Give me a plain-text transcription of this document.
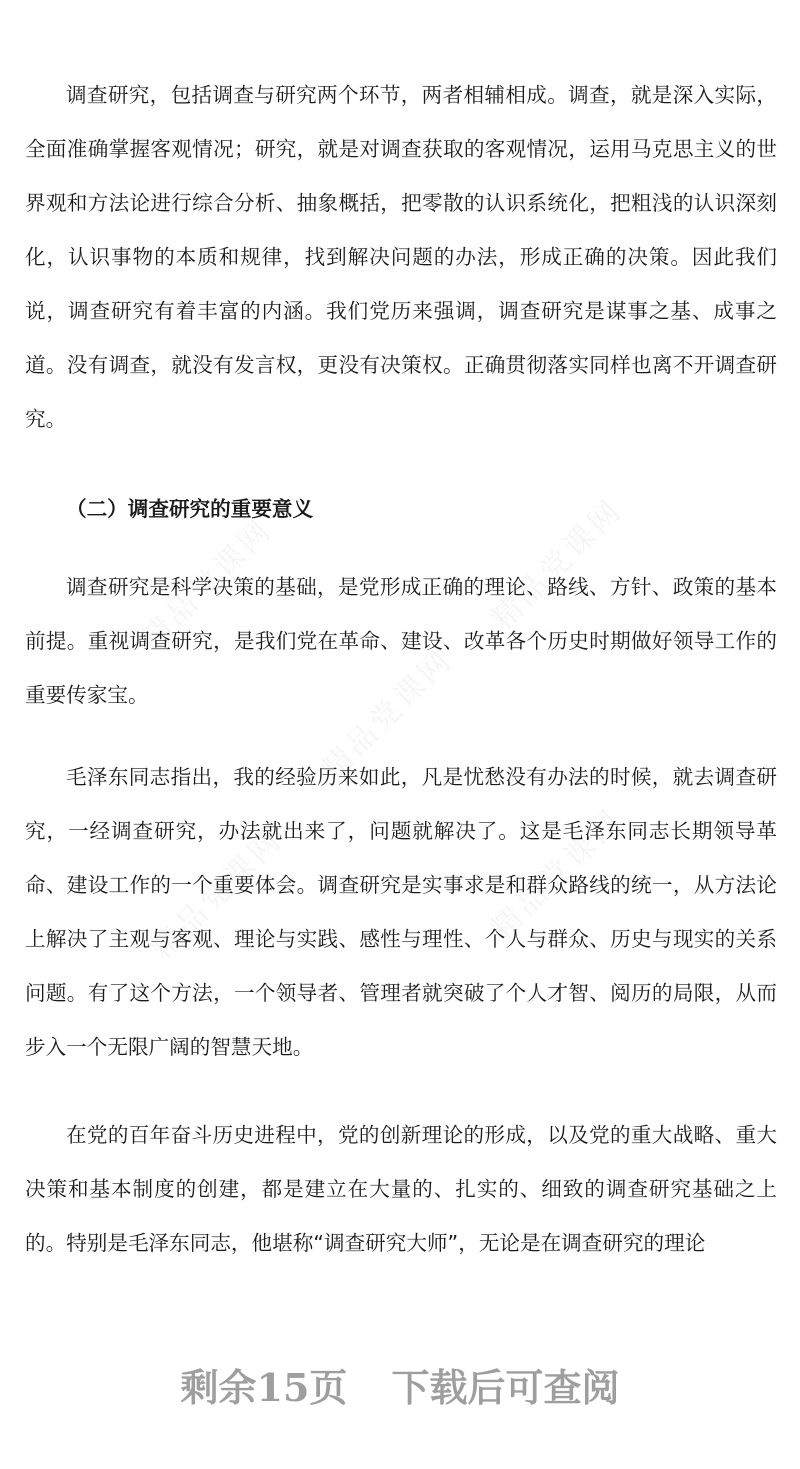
精品党课网	精品党课网
精品党课网
精品党课网	精品党课网

调查研究，包括调查与研究两个环节，两者相辅相成。调查，就是深入实际，全面准确掌握客观情况；研究，就是对调查获取的客观情况，运用马克思主义的世界观和方法论进行综合分析、抽象概括，把零散的认识系统化，把粗浅的认识深刻化，认识事物的本质和规律，找到解决问题的办法，形成正确的决策。因此我们说，调查研究有着丰富的内涵。我们党历来强调，调查研究是谋事之基、成事之道。没有调查，就没有发言权，更没有决策权。正确贯彻落实同样也离不开调查研究。

（二）调查研究的重要意义

调查研究是科学决策的基础，是党形成正确的理论、路线、方针、政策的基本前提。重视调查研究，是我们党在革命、建设、改革各个历史时期做好领导工作的重要传家宝。

毛泽东同志指出，我的经验历来如此，凡是忧愁没有办法的时候，就去调查研究，一经调查研究，办法就出来了，问题就解决了。这是毛泽东同志长期领导革命、建设工作的一个重要体会。调查研究是实事求是和群众路线的统一，从方法论上解决了主观与客观、理论与实践、感性与理性、个人与群众、历史与现实的关系问题。有了这个方法，一个领导者、管理者就突破了个人才智、阅历的局限，从而步入一个无限广阔的智慧天地。

在党的百年奋斗历史进程中，党的创新理论的形成，以及党的重大战略、重大决策和基本制度的创建，都是建立在大量的、扎实的、细致的调查研究基础之上的。特别是毛泽东同志，他堪称“调查研究大师”，无论是在调查研究的理论

剩余15页 下载后可查阅
